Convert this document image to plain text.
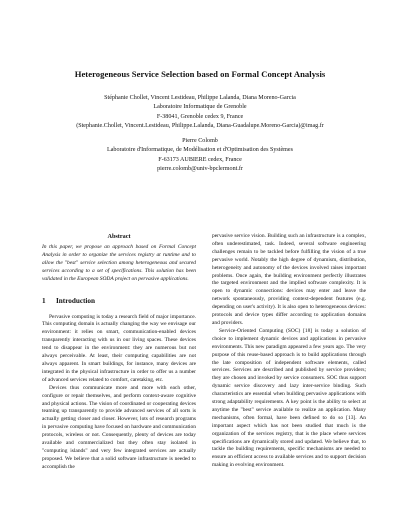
Heterogeneous Service Selection based on Formal Concept Analysis
Stéphanie Chollet, Vincent Lestideau, Philippe Lalanda, Diana Moreno-Garcia
Laboratoire Informatique de Grenoble
F-38041, Grenoble cedex 9, France
(Stephanie.Chollet, Vincent.Lestideau, Philippe.Lalanda, Diana-Guadalupe.Moreno-Garcia)@imag.fr
Pierre Colomb
Laboratoire d'Informatique, de Modélisation et d'Optimisation des Systèmes
F-63173 AUBIERE cedex, France
pierre.colomb@univ-bpclermont.fr
Abstract

In this paper, we propose an approach based on Formal Concept Analysis in order to organize the services registry at runtime and to allow the "best" service selection among heterogeneous and secured services according to a set of specifications. This solution has been validated in the European SODA project on pervasive applications.

1 Introduction

Pervasive computing is today a research field of major importance. This computing domain is actually changing the way we envisage our environment: it relies on smart, communication-enabled devices transparently interacting with us in our living spaces. These devices tend to disappear in the environment: they are numerous but not always perceivable. At least, their computing capabilities are not always apparent. In smart buildings, for instance, many devices are integrated in the physical infrastructure in order to offer us a number of advanced services related to comfort, caretaking, etc.

Devices thus communicate more and more with each other, configure or repair themselves, and perform context-aware cognitive and physical actions. The vision of coordinated or cooperating devices teaming up transparently to provide advanced services of all sorts is actually getting closer and closer. However, lots of research programs in pervasive computing have focused on hardware and communication protocols, wireless or not. Consequently, plenty of devices are today available and commercialized but they often stay isolated in "computing islands" and very few integrated services are actually proposed. We believe that a solid software infrastructure is needed to accomplish the

pervasive service vision. Building such an infrastructure is a complex, often underestimated, task. Indeed, several software engineering challenges remain to be tackled before fulfilling the vision of a true pervasive world. Notably the high degree of dynamism, distribution, heterogeneity and autonomy of the devices involved raises important problems. Once again, the building environment perfectly illustrates the targeted environment and the implied software complexity. It is open to dynamic connections: devices may enter and leave the network spontaneously, providing context-dependent features (e.g. depending on user's activity). It is also open to heterogeneous devices: protocols and device types differ according to application domains and providers.

Service-Oriented Computing (SOC) [18] is today a solution of choice to implement dynamic devices and applications in pervasive environments. This new paradigm appeared a few years ago. The very purpose of this reuse-based approach is to build applications through the late composition of independent software elements, called services. Services are described and published by service providers; they are chosen and invoked by service consumers. SOC thus support dynamic service discovery and lazy inter-service binding. Such characteristics are essential when building pervasive applications with strong adaptability requirements. A key point is the ability to select at anytime the "best" service available to realize an application. Many mechanisms, often formal, have been defined to do so [13]. An important aspect which has not been studied that much is the organization of the services registry, that is the place where services specifications are dynamically stored and updated. We believe that, to tackle the building requirements, specific mechanisms are needed to ensure an efficient access to available services and to support decision making in evolving environment.
